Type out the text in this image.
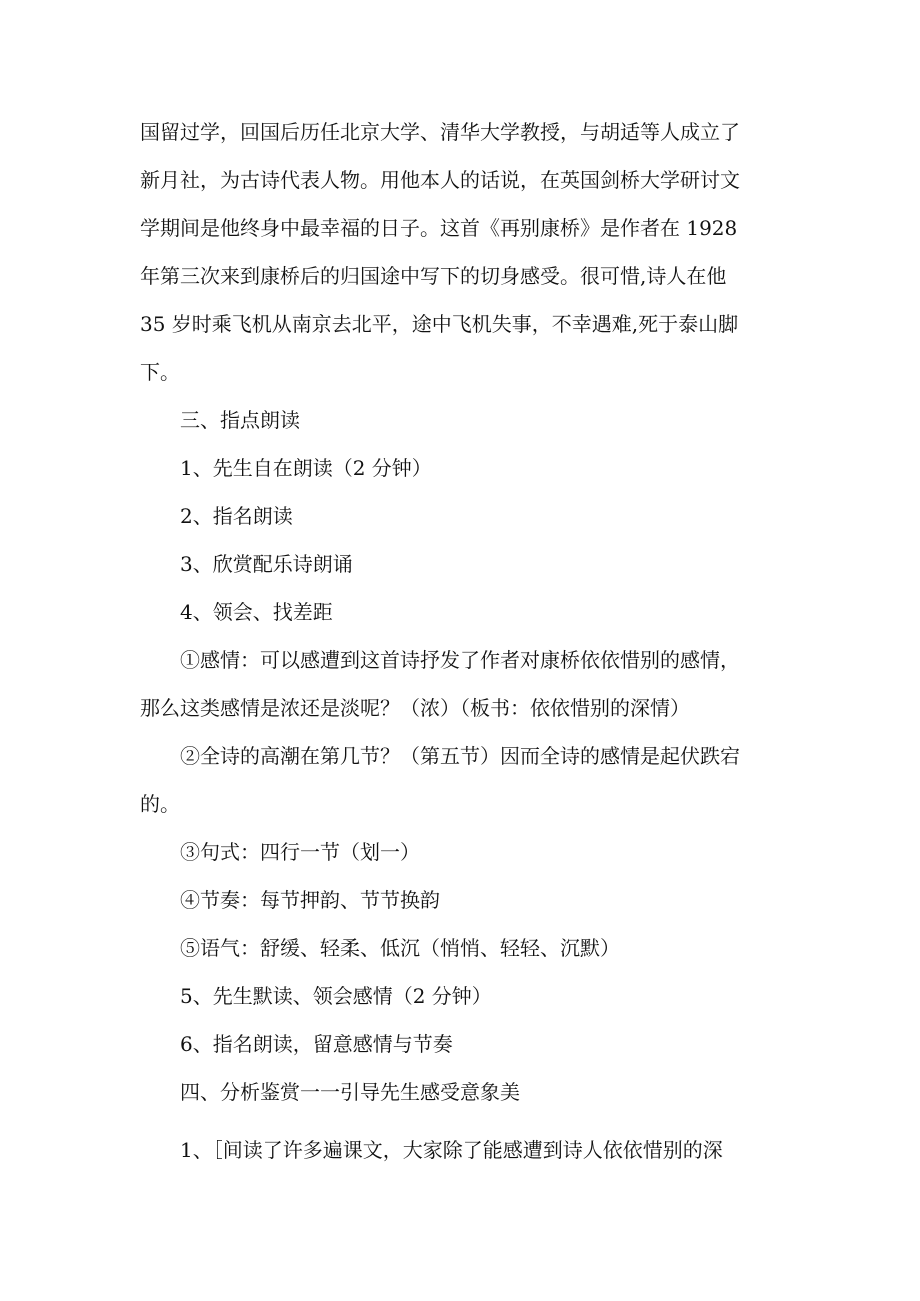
国留过学，回国后历任北京大学、清华大学教授，与胡适等人成立了
新月社，为古诗代表人物。用他本人的话说，在英国剑桥大学研讨文
学期间是他终身中最幸福的日子。这首《再别康桥》是作者在 1928
年第三次来到康桥后的归国途中写下的切身感受。很可惜,诗人在他
35 岁时乘飞机从南京去北平，途中飞机失事，不幸遇难,死于泰山脚
下。
三、指点朗读
1、先生自在朗读（2 分钟）
2、指名朗读
3、欣赏配乐诗朗诵
4、领会、找差距
①感情：可以感遭到这首诗抒发了作者对康桥依依惜别的感情，
那么这类感情是浓还是淡呢？（浓）（板书：依依惜别的深情）
②全诗的高潮在第几节？（第五节）因而全诗的感情是起伏跌宕
的。
③句式：四行一节（划一）
④节奏：每节押韵、节节换韵
⑤语气：舒缓、轻柔、低沉（悄悄、轻轻、沉默）
5、先生默读、领会感情（2 分钟）
6、指名朗读，留意感情与节奏
四、分析鉴赏一一引导先生感受意象美
1、［间读了许多遍课文，大家除了能感遭到诗人依依惜别的深
